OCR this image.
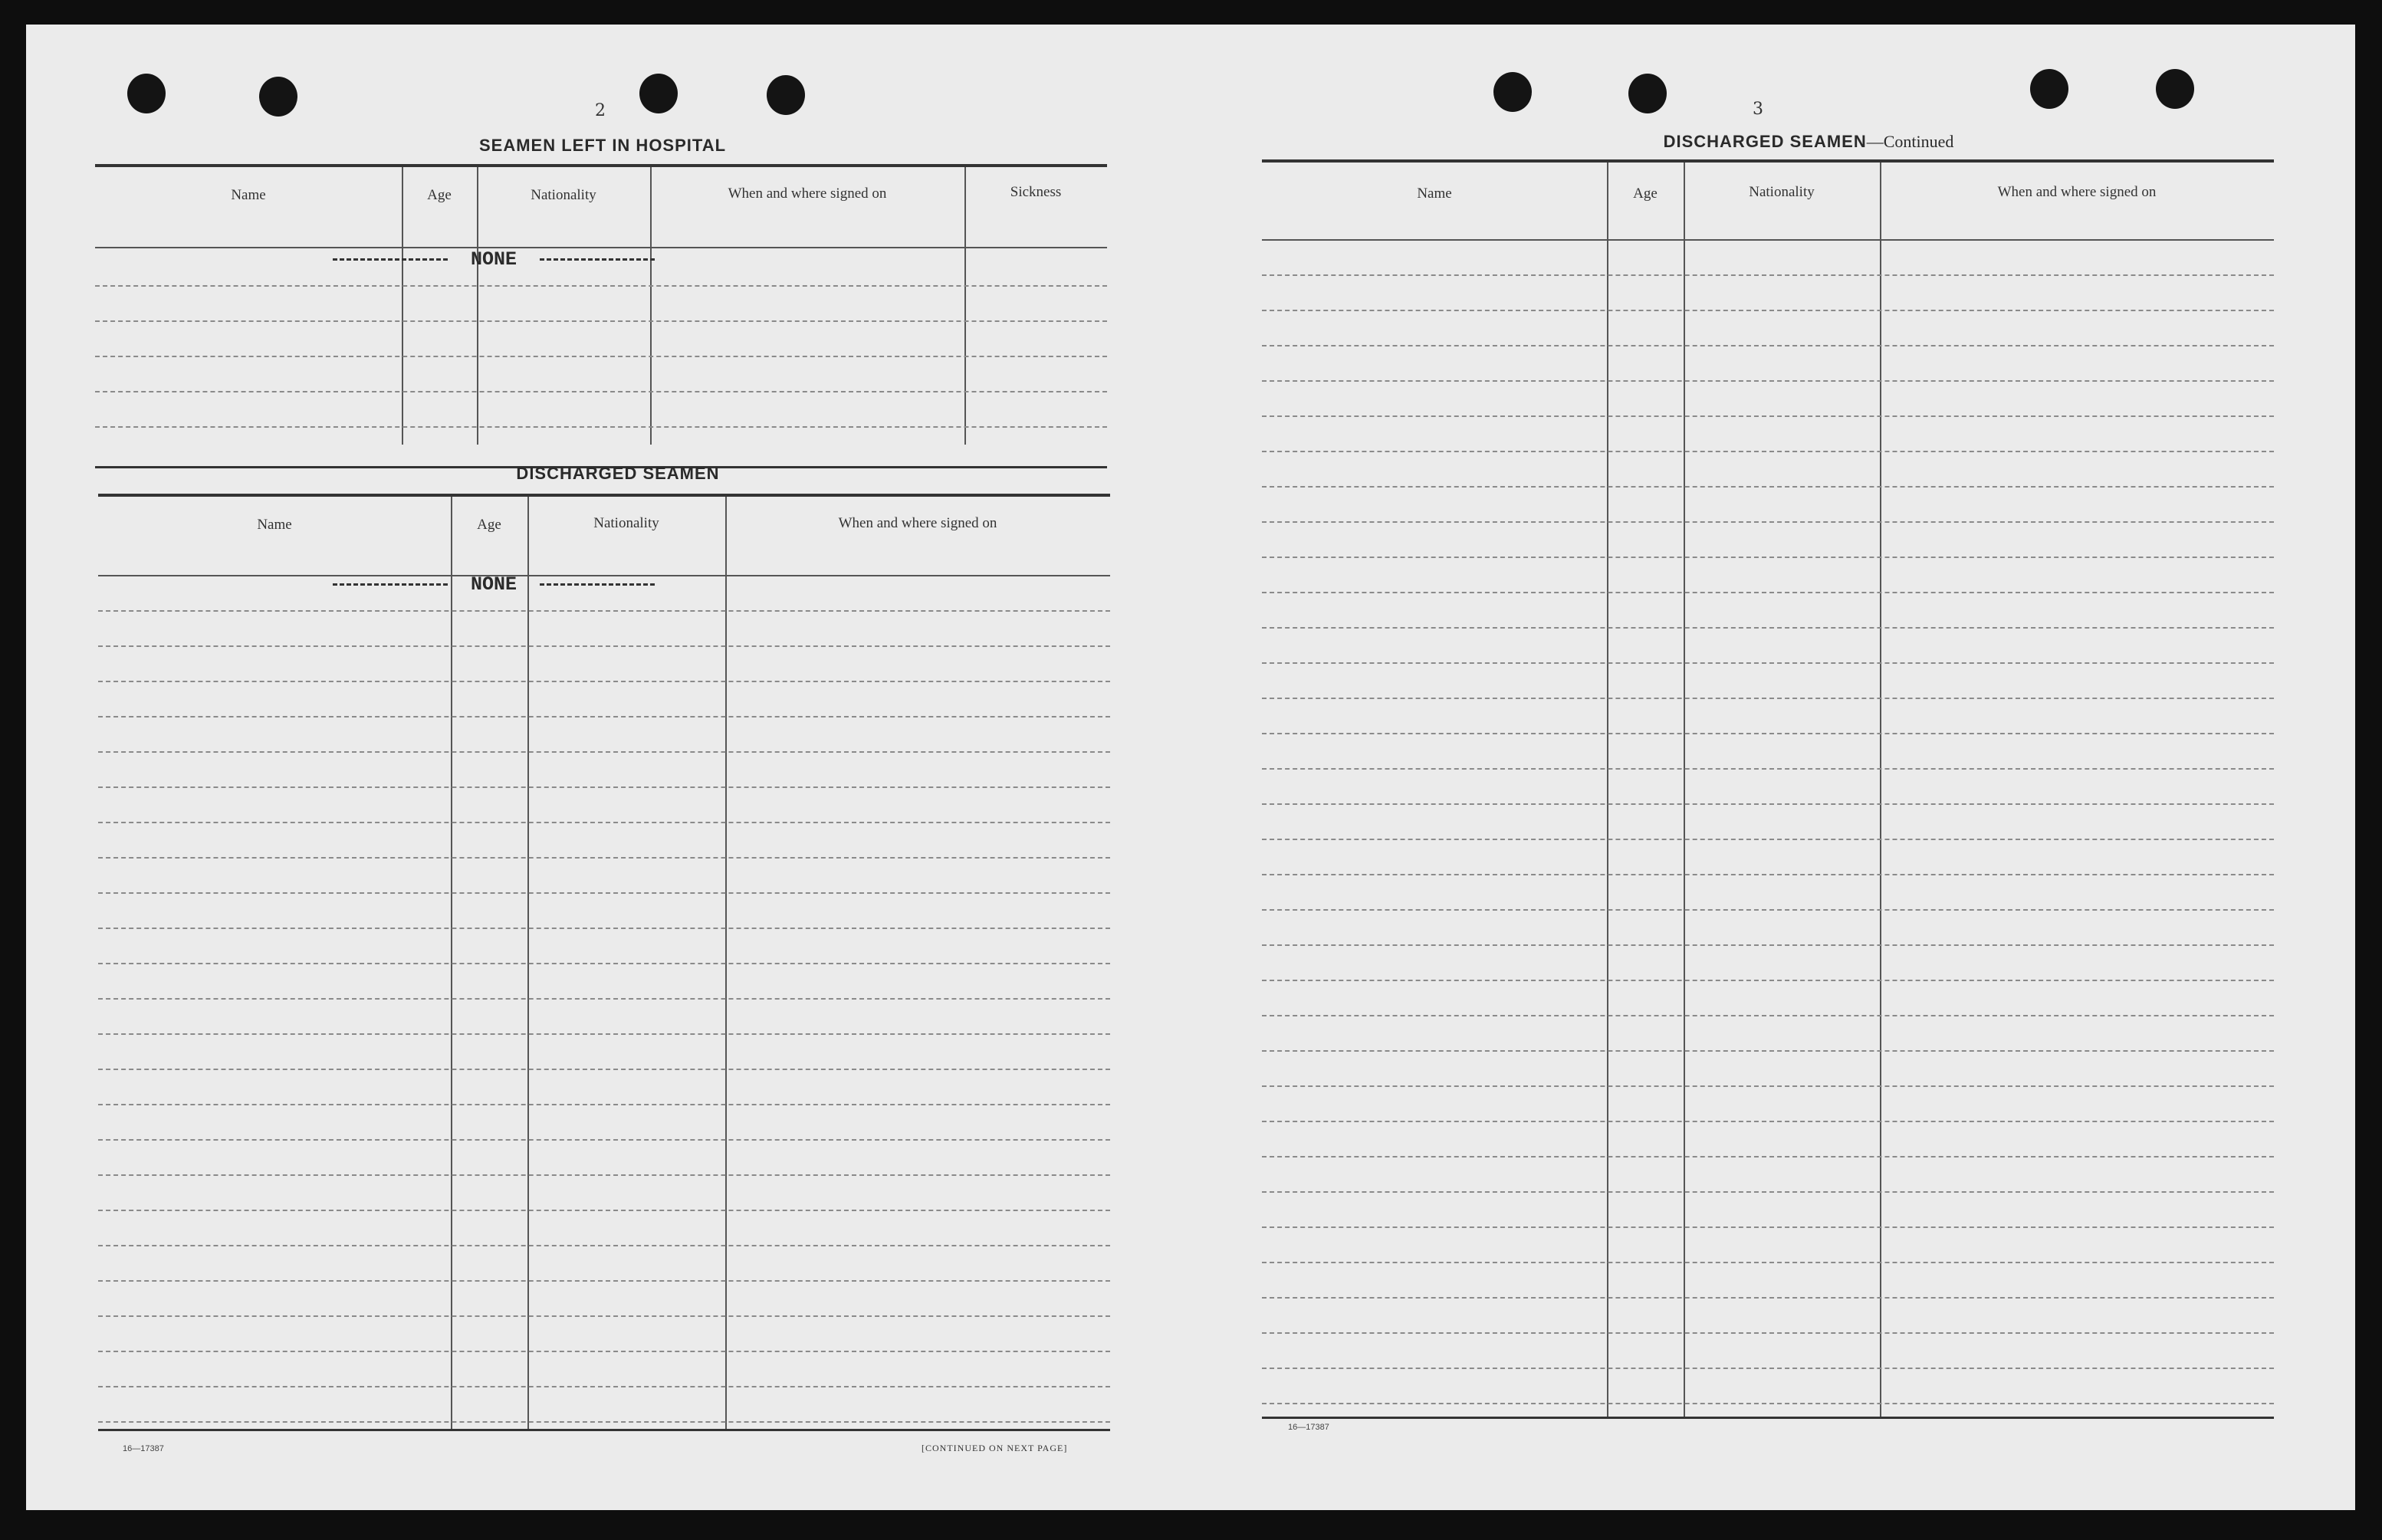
2
SEAMEN LEFT IN HOSPITAL
Name	Age	Nationality	When and where signed on	Sickness
NONE
DISCHARGED SEAMEN
Name	Age	Nationality	When and where signed on
NONE
16—17387	[CONTINUED ON NEXT PAGE]
3
DISCHARGED SEAMEN—Continued
Name	Age	Nationality	When and where signed on
16—17387
